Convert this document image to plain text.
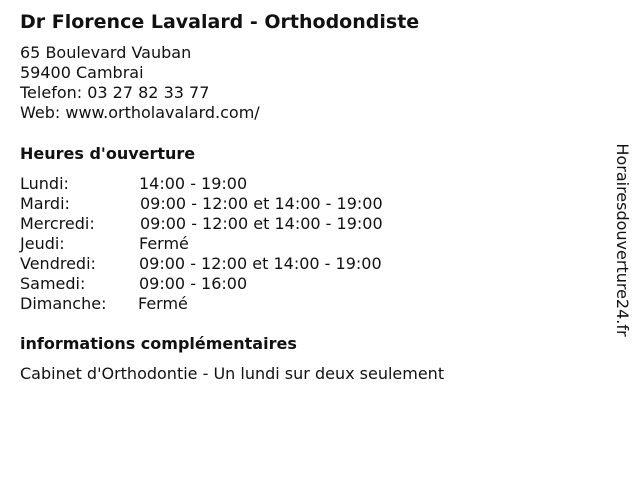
Dr Florence Lavalard - Orthodondiste
65 Boulevard Vauban
59400 Cambrai
Telefon: 03 27 82 33 77
Web: www.ortholavalard.com/
Heures d'ouverture
Lundi:	14:00 - 19:00
Mardi:	09:00 - 12:00 et 14:00 - 19:00
Mercredi:	09:00 - 12:00 et 14:00 - 19:00
Jeudi:	Fermé
Vendredi:	09:00 - 12:00 et 14:00 - 19:00
Samedi:	09:00 - 16:00
Dimanche: Fermé
informations complémentaires
Cabinet d'Orthodontie - Un lundi sur deux seulement
Horairesdouverture24.fr
